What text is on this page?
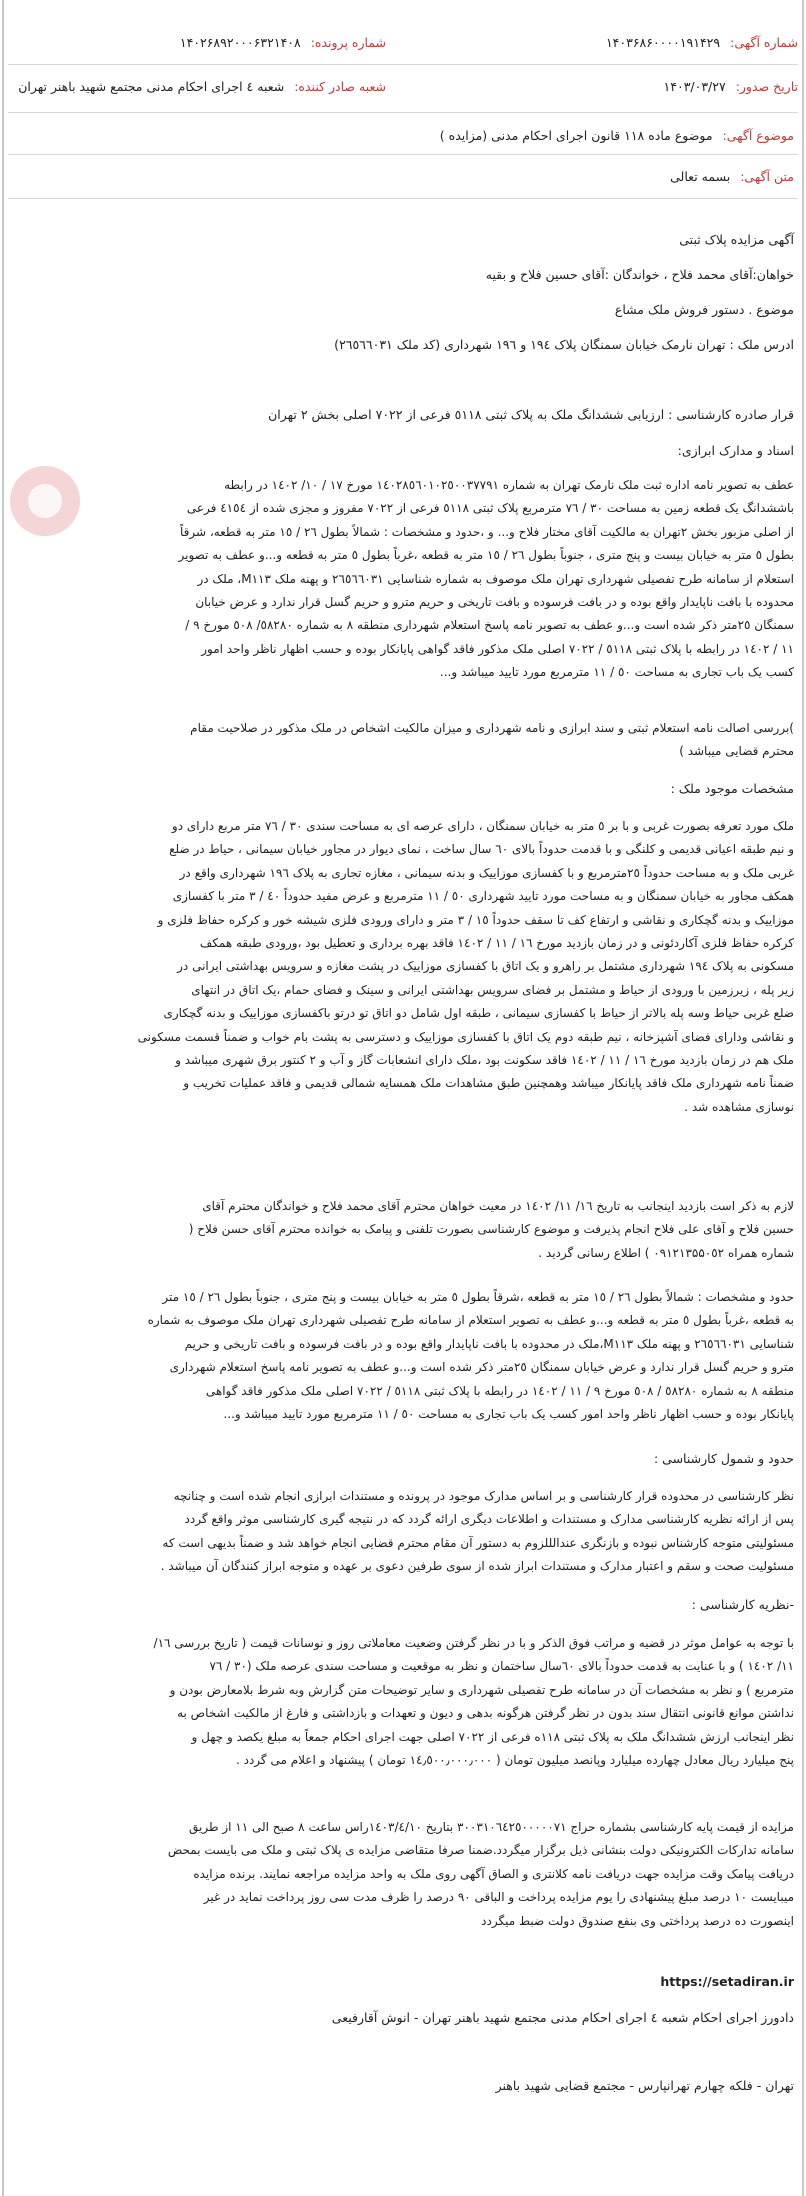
شماره آگهی:
۱۴۰۳۶۸۶۰۰۰۰۱۹۱۴۲۹
شماره پرونده:
۱۴۰۲۶۸۹۲۰۰۰۶۳۲۱۴۰۸
تاریخ صدور:
۱۴۰۳/۰۳/۲۷
شعبه صادر کننده:
شعبه ٤ اجرای احکام مدنی مجتمع شهید باهنر تهران
موضوع آگهی:
موضوع ماده ۱۱۸ قانون اجرای احکام مدنی (مزایده )
متن آگهی:
بسمه تعالی
آگهی مزایده پلاک ثبتی
خواهان:آقای محمد فلاح ، خواندگان :آقای حسین فلاح و بقیه
موضوع . دستور فروش ملک مشاع
ادرس ملک : تهران نارمک خیابان سمنگان پلاک ۱۹٤ و ۱۹٦ شهرداری (کد ملک ۲٦٥٦٦٠٣١)
قرار صادره کارشناسی : ارزیابی ششدانگ ملک به پلاک ثبتی ٥١١٨ فرعی از ۷۰۲۲ اصلی بخش ۲ تهران
اسناد و مدارک ابرازی:
عطف به تصویر نامه اداره ثبت ملک نارمک تهران به شماره ۱٤٠٢٨٥٦٠١٠٢٥٠٠٣٧٧٩١ مورخ ۱۷ / ۱۰/ ۱٤٠٢ در رابطه
باششدانگ یک قطعه زمین به مساحت ۳۰ / ۷٦ مترمربع پلاک ثبتی ٥١١٨ فرعی از ۷۰۲۲ مفروز و مجزی شده از ٤١٥٤ فرعی
از اصلی مزبور بخش ۲تهران به مالکیت آقای مختار فلاح و... و ،حدود و مشخصات : شمالاً بطول ۲٦ / ۱٥ متر به قطعه، شرقاً
بطول ٥ متر به خیابان بیست و پنج متری ، جنوباً بطول ۲٦ / ۱٥ متر به قطعه ،غرباً بطول ٥ متر به قطعه و...و عطف به تصویر
استعلام از سامانه طرح تفصیلی شهرداری تهران ملک موصوف به شماره شناسایی ۲٦٥٦٦٠٣١ و پهنه ملک M۱۱۳، ملک در
محدوده با بافت ناپایدار واقع بوده و در بافت فرسوده و بافت تاریخی و حریم مترو و حریم گسل قرار ندارد و عرض خیابان
سمنگان ۲٥متر ذکر شده است و...و عطف به تصویر نامه پاسخ استعلام شهرداری منطقه ۸ به شماره ٥٨٢٨٠/ ٥٠٨ مورخ ۹ /
۱۱ / ۱٤٠٢ در رابطه با پلاک ثبتی ٥١١٨ / ۷۰۲۲ اصلی ملک مذکور فاقد گواهی پایانکار بوده و حسب اظهار ناظر واحد امور
کسب یک باب تجاری به مساحت ٥٠ / ۱۱ مترمربع مورد تایید میباشد و...
)بررسی اصالت نامه استعلام ثبتی و سند ابرازی و نامه شهرداری و میزان مالکیت اشخاص در ملک مذکور در صلاحیت مقام
محترم قضایی میباشد )
مشخصات موجود ملک :
ملک مورد تعرفه بصورت غربی و با بر ٥ متر به خیابان سمنگان ، دارای عرصه ای به مساحت سندی ۳۰ / ۷٦ متر مربع دارای دو
و نیم طبقه اعیانی قدیمی و کلنگی و با قدمت حدوداً بالای ٦٠ سال ساخت ، نمای دیوار در مجاور خیابان سیمانی ، حیاط در ضلع
غربی ملک و به مساحت حدوداً ۲٥مترمربع و با کفسازی موزاییک و بدنه سیمانی ، مغازه تجاری به پلاک ۱۹٦ شهرداری واقع در
همکف مجاور به خیابان سمنگان و به مساحت مورد تایید شهرداری ٥٠ / ۱۱ مترمربع و عرض مفید حدوداً ٤٠ / ۳ متر با کفسازی
موزاییک و بدنه گچکاری و نقاشی و ارتفاع کف تا سقف حدوداً ۱٥ / ۳ متر و دارای ورودی فلزی شیشه خور و کرکره حفاظ فلزی و
کرکره حفاظ فلزی آکاردئونی و در زمان بازدید مورخ ۱٦ / ۱۱ / ۱٤٠٢ فاقد بهره برداری و تعطیل بود ،ورودی طبقه همکف
مسکونی به پلاک ۱۹٤ شهرداری مشتمل بر راهرو و یک اتاق با کفسازی موزاییک در پشت مغازه و سرویس بهداشتی ایرانی در
زیر پله ، زیرزمین با ورودی از حیاط و مشتمل بر فضای سرویس بهداشتی ایرانی و سینک و فضای حمام ،یک اتاق در انتهای
ضلع غربی حیاط وسه پله بالاتر از حیاط با کفسازی سیمانی ، طبقه اول شامل دو اتاق تو درتو باکفسازی موزاییک و بدنه گچکاری
و نقاشی ودارای فضای آشپزخانه ، نیم طبقه دوم یک اتاق با کفسازی موزاییک و دسترسی به پشت بام خواب و ضمناً قسمت مسکونی
ملک هم در زمان بازدید مورخ ۱٦ / ۱۱ / ۱٤٠٢ فاقد سکونت بود ،ملک دارای انشعابات گاز و آب و ۲ کنتور برق شهری میباشد و
ضمناً نامه شهرداری ملک فاقد پایانکار میباشد وهمچنین طبق مشاهدات ملک همسایه شمالی قدیمی و فاقد عملیات تخریب و
نوسازی مشاهده شد .
لازم به ذکر است بازدید اینجانب به تاریخ ۱٦/ ۱۱/ ۱٤٠٢ در معیت خواهان محترم آقای محمد فلاح و خواندگان محترم آقای
حسین فلاح و آقای علی فلاح انجام پذیرفت و موضوع کارشناسی بصورت تلفنی و پیامک به خوانده محترم آقای حسن فلاح (
شماره همراه ۰۹۱۲۱۳۵۵۰٥۲ ) اطلاع رسانی گردید .
حدود و مشخصات : شمالاً بطول ۲٦ / ۱٥ متر به قطعه ،شرقاً بطول ٥ متر به خیابان بیست و پنج متری ، جنوباً بطول ۲٦ / ۱٥ متر
به قطعه ،غرباً بطول ٥ متر به قطعه و...و عطف به تصویر استعلام از سامانه طرح تفصیلی شهرداری تهران ملک موصوف به شماره
شناسایی ۲٦٥٦٦٠٣١ و پهنه ملک M۱۱۳،ملک در محدوده با بافت ناپایدار واقع بوده و در بافت فرسوده و بافت تاریخی و حریم
مترو و حریم گسل قرار ندارد و عرض خیابان سمنگان ۲٥متر ذکر شده است و...و عطف به تصویر نامه پاسخ استعلام شهرداری
منطقه ۸ به شماره ٥٨٢٨٠ / ٥٠٨ مورخ ۹ / ۱۱ / ۱٤٠٢ در رابطه با پلاک ثبتی ٥١١٨ / ۷۰۲۲ اصلی ملک مذکور فاقد گواهی
پایانکار بوده و حسب اظهار ناظر واحد امور کسب یک باب تجاری به مساحت ٥٠ / ۱۱ مترمربع مورد تایید میباشد و...
حدود و شمول کارشناسی :
نظر کارشناسی در محدوده قرار کارشناسی و بر اساس مدارک موجود در پرونده و مستندات ابرازی انجام شده است و چنانچه
پس از ارائه نظریه کارشناسی مدارک و مستندات و اطلاعات دیگری ارائه گردد که در نتیجه گیری کارشناسی موثر واقع گردد
مسئولیتی متوجه کارشناس نبوده و بازنگری عندالللزوم به دستور آن مقام محترم قضایی انجام خواهد شد و ضمناً بدیهی است که
مسئولیت صحت و سقم و اعتبار مدارک و مستندات ابراز شده از سوی طرفین دعوی بر عهده و متوجه ابراز کنندگان آن میباشد .
-نظریه کارشناسی :
با توجه به عوامل موثر در قضیه و مراتب فوق الذکر و با در نظر گرفتن وضعیت معاملاتی روز و نوسانات قیمت ( تاریخ بررسی ۱٦/
۱۱/ ۱٤٠٢ ) و با عنایت به قدمت حدوداً بالای ٦٠سال ساختمان و نظر به موقعیت و مساحت سندی عرصه ملک (۳۰ / ۷٦
مترمربع ) و نظر به مشخصات آن در سامانه طرح تفصیلی شهرداری و سایر توضیحات متن گزارش وبه شرط بلامعارض بودن و
نداشتن موانع قانونی انتقال سند بدون در نظر گرفتن هرگونه بدهی و دیون و تعهدات و بازداشتی و فارغ از مالکیت اشخاص به
نظر اینجانب ارزش ششدانگ ملک به پلاک ثبتی ۱۱۸ه فرعی از ۷۰۲۲ اصلی جهت اجرای احکام جمعاً به مبلغ یکصد و چهل و
پنج میلیارد ریال معادل چهارده میلیارد وپانصد میلیون تومان ( ۱٤٫٥٠٠٫٠٠٠٫٠٠٠ تومان ) پیشنهاد و اعلام می گردد .
مزایده از قیمت پایه کارشناسی بشماره حراج ۳٠٠٣١٠٦٤٢٥٠٠٠٠٠٧١ بتاریخ ۱٤٠٣/٤/۱٠راس ساعت ۸ صبح الی ۱۱ از طریق
سامانه تدارکات الکترونیکی دولت بنشانی ذیل برگزار میگردد.ضمنا صرفا متقاضی مزایده ی پلاک ثبتی و ملک می بایست بمحض
دریافت پیامک وقت مزایده جهت دریافت نامه کلانتری و الصاق آگهی روی ملک به واحد مزایده مراجعه نمایند. برنده مزایده
میبایست ۱٠ درصد مبلغ پیشنهادی را یوم مزایده پرداخت و الباقی ۹٠ درصد را ظرف مدت سی روز پرداخت نماید در غیر
اینصورت ده درصد پرداختی وی بنفع صندوق دولت ضبط میگردد
https://setadiran.ir
دادورز اجرای احکام شعبه ٤ اجرای احکام مدنی مجتمع شهید باهنر تهران - انوش آقارفیعی
تهران - فلکه چهارم تهرانپارس - مجتمع قضایی شهید باهنر
